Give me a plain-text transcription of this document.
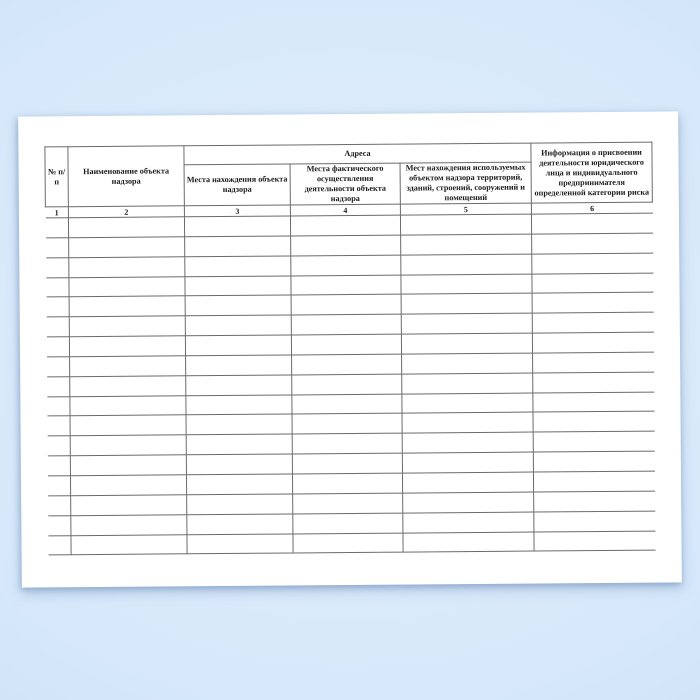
№ п/п	Наименование объекта надзора	Адреса			Информация о присвоении деятельности юридического лица и индивидуального предпринимателя определенной категории риска
		Места нахождения объекта надзора	Места фактического осуществления деятельности объекта надзора	Мест нахождения используемых объектом надзора территорий, зданий, строений, сооружений и помещений	
1	2	3	4	5	6
